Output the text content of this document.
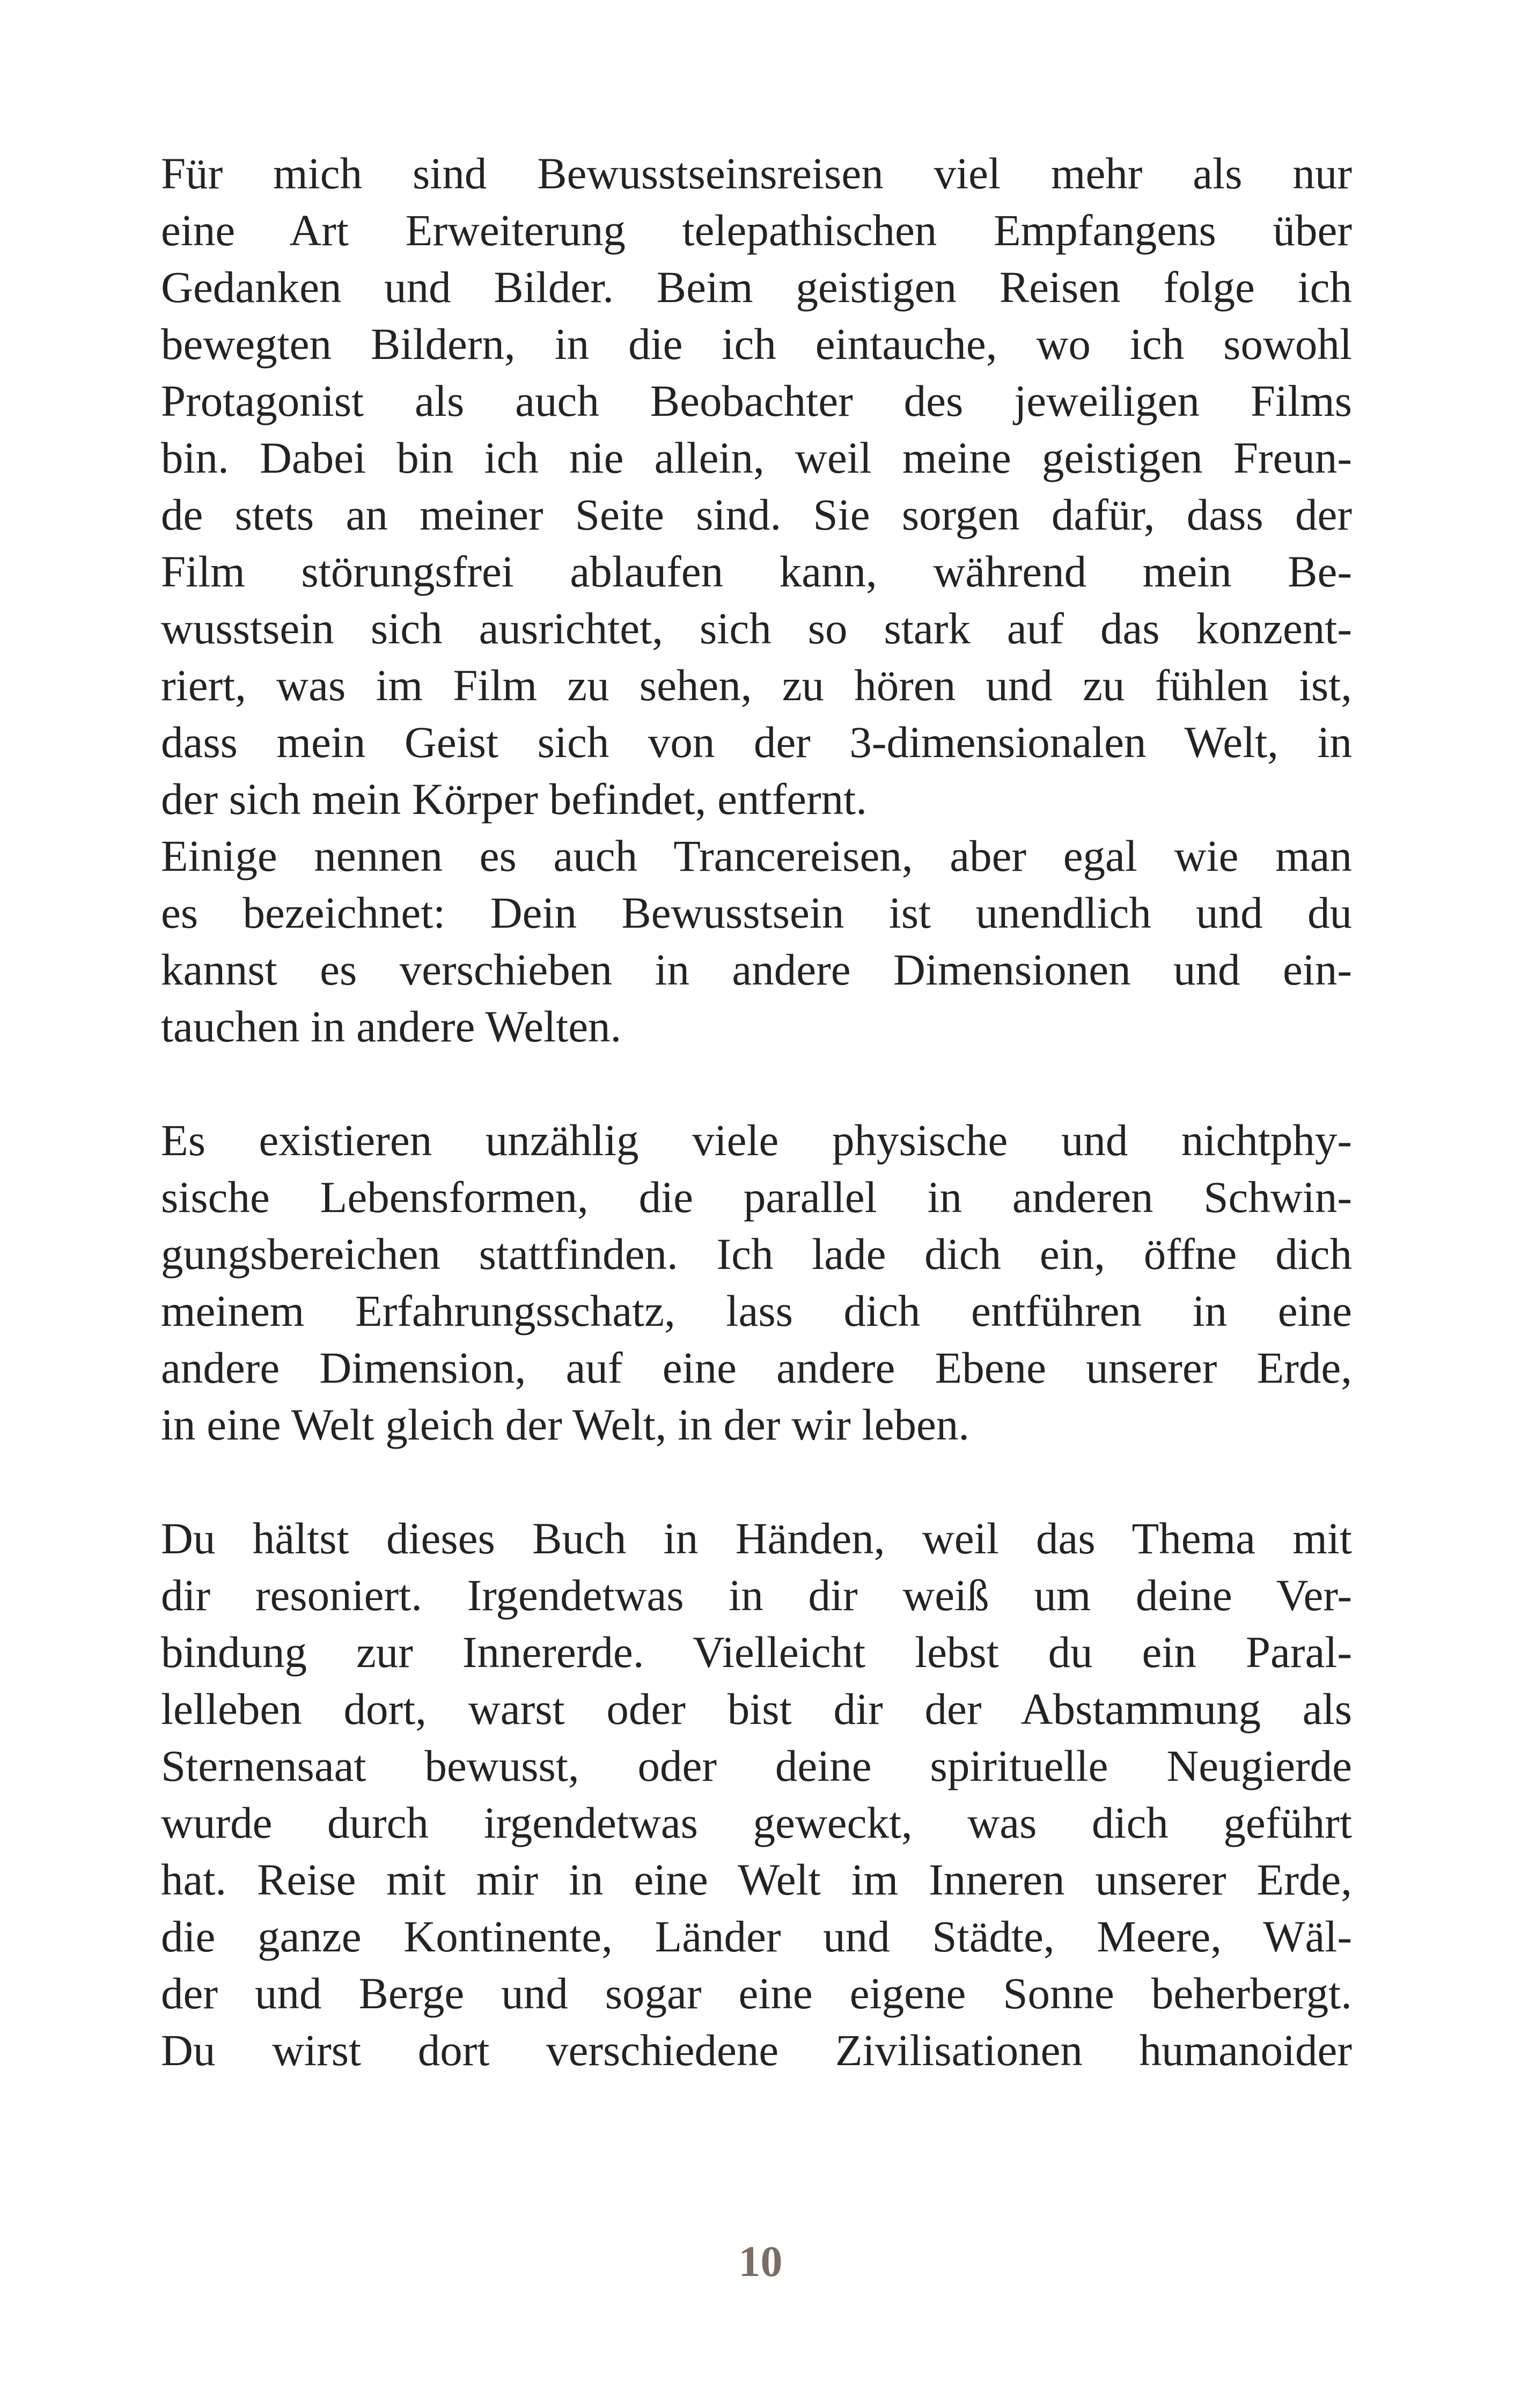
Für mich sind Bewusstseinsreisen viel mehr als nur
eine Art Erweiterung telepathischen Empfangens über
Gedanken und Bilder. Beim geistigen Reisen folge ich
bewegten Bildern, in die ich eintauche, wo ich sowohl
Protagonist als auch Beobachter des jeweiligen Films
bin. Dabei bin ich nie allein, weil meine geistigen Freun-
de stets an meiner Seite sind. Sie sorgen dafür, dass der
Film störungsfrei ablaufen kann, während mein Be-
wusstsein sich ausrichtet, sich so stark auf das konzent-
riert, was im Film zu sehen, zu hören und zu fühlen ist,
dass mein Geist sich von der 3-dimensionalen Welt, in
der sich mein Körper befindet, entfernt.
Einige nennen es auch Trancereisen, aber egal wie man
es bezeichnet: Dein Bewusstsein ist unendlich und du
kannst es verschieben in andere Dimensionen und ein-
tauchen in andere Welten.
Es existieren unzählig viele physische und nichtphy-
sische Lebensformen, die parallel in anderen Schwin-
gungsbereichen stattfinden. Ich lade dich ein, öffne dich
meinem Erfahrungsschatz, lass dich entführen in eine
andere Dimension, auf eine andere Ebene unserer Erde,
in eine Welt gleich der Welt, in der wir leben.
Du hältst dieses Buch in Händen, weil das Thema mit
dir resoniert. Irgendetwas in dir weiß um deine Ver-
bindung zur Innererde. Vielleicht lebst du ein Paral-
lelleben dort, warst oder bist dir der Abstammung als
Sternensaat bewusst, oder deine spirituelle Neugierde
wurde durch irgendetwas geweckt, was dich geführt
hat. Reise mit mir in eine Welt im Inneren unserer Erde,
die ganze Kontinente, Länder und Städte, Meere, Wäl-
der und Berge und sogar eine eigene Sonne beherbergt.
Du wirst dort verschiedene Zivilisationen humanoider
10
